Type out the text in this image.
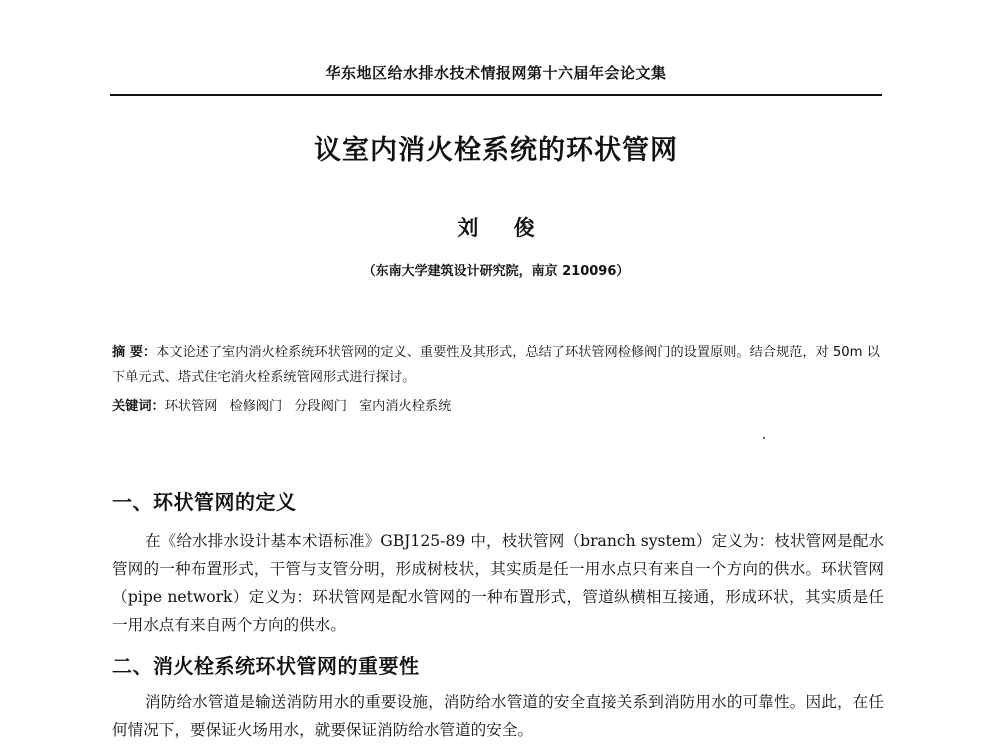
华东地区给水排水技术情报网第十六届年会论文集
议室内消火栓系统的环状管网
刘 俊
（东南大学建筑设计研究院，南京 210096）
摘 要：本文论述了室内消火栓系统环状管网的定义、重要性及其形式，总结了环状管网检修阀门的设置原则。结合规范，对 50m 以下单元式、塔式住宅消火栓系统管网形式进行探讨。
关键词：环状管网 检修阀门 分段阀门 室内消火栓系统
一、环状管网的定义
在《给水排水设计基本术语标准》GBJ125-89 中，枝状管网（branch system）定义为：枝状管网是配水管网的一种布置形式，干管与支管分明，形成树枝状，其实质是任一用水点只有来自一个方向的供水。环状管网（pipe network）定义为：环状管网是配水管网的一种布置形式，管道纵横相互接通，形成环状，其实质是任一用水点有来自两个方向的供水。
二、消火栓系统环状管网的重要性
消防给水管道是输送消防用水的重要设施，消防给水管道的安全直接关系到消防用水的可靠性。因此，在任何情况下，要保证火场用水，就要保证消防给水管道的安全。
